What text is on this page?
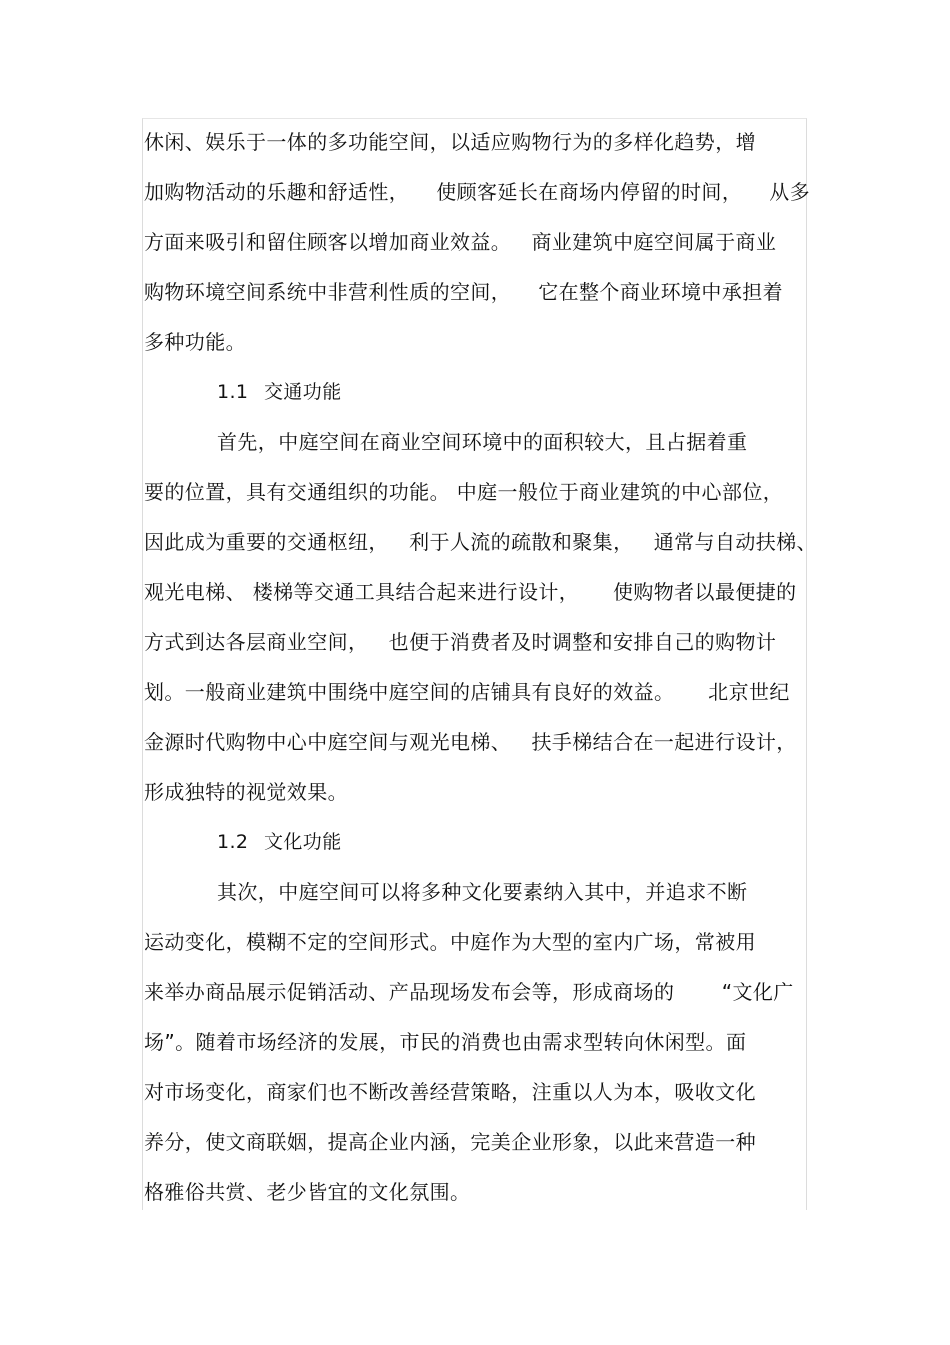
休闲、娱乐于一体的多功能空间，以适应购物行为的多样化趋势，增
加购物活动的乐趣和舒适性，    使顾客延长在商场内停留的时间，    从多
方面来吸引和留住顾客以增加商业效益。   商业建筑中庭空间属于商业
购物环境空间系统中非营利性质的空间，    它在整个商业环境中承担着
多种功能。
1.1 交通功能
首先，中庭空间在商业空间环境中的面积较大，且占据着重
要的位置，具有交通组织的功能。 中庭一般位于商业建筑的中心部位，
因此成为重要的交通枢纽，   利于人流的疏散和聚集，   通常与自动扶梯、
观光电梯、 楼梯等交通工具结合起来进行设计，     使购物者以最便捷的
方式到达各层商业空间，   也便于消费者及时调整和安排自己的购物计
划。一般商业建筑中围绕中庭空间的店铺具有良好的效益。     北京世纪
金源时代购物中心中庭空间与观光电梯、   扶手梯结合在一起进行设计，
形成独特的视觉效果。
1.2 文化功能
其次，中庭空间可以将多种文化要素纳入其中，并追求不断
运动变化，模糊不定的空间形式。中庭作为大型的室内广场，常被用
来举办商品展示促销活动、产品现场发布会等，形成商场的       “文化广
场”。随着市场经济的发展，市民的消费也由需求型转向休闲型。面
对市场变化，商家们也不断改善经营策略，注重以人为本，吸收文化
养分，使文商联姻，提高企业内涵，完美企业形象，以此来营造一种
格雅俗共赏、老少皆宜的文化氛围。
